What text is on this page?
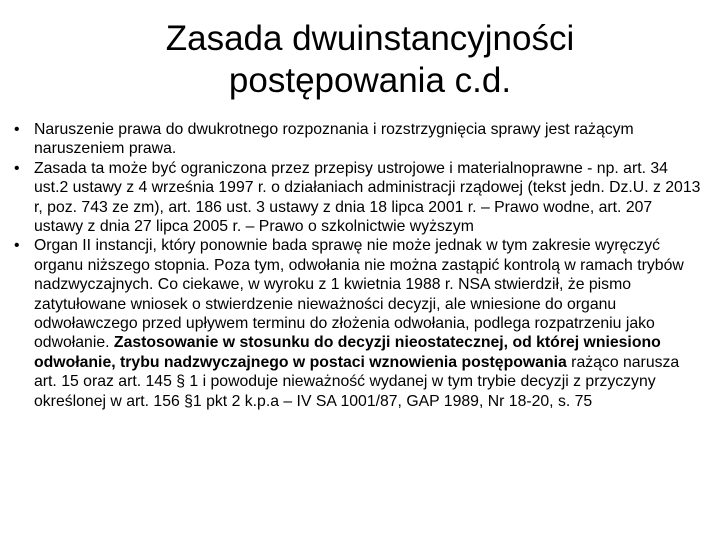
Zasada dwuinstancyjności
postępowania c.d.
• Naruszenie prawa do dwukrotnego rozpoznania i rozstrzygnięcia sprawy jest rażącym naruszeniem prawa.
• Zasada ta może być ograniczona przez przepisy ustrojowe i materialnoprawne - np. art. 34 ust.2 ustawy z 4 września 1997 r. o działaniach administracji rządowej (tekst jedn. Dz.U. z 2013 r, poz. 743 ze zm), art. 186 ust. 3 ustawy z dnia 18 lipca 2001 r. – Prawo wodne, art. 207 ustawy z dnia 27 lipca 2005 r. – Prawo o szkolnictwie wyższym
• Organ II instancji, który ponownie bada sprawę nie może jednak w tym zakresie wyręczyć organu niższego stopnia. Poza tym, odwołania nie można zastąpić kontrolą w ramach trybów nadzwyczajnych. Co ciekawe, w wyroku z 1 kwietnia 1988 r. NSA stwierdził, że pismo zatytułowane wniosek o stwierdzenie nieważności decyzji, ale wniesione do organu odwoławczego przed upływem terminu do złożenia odwołania, podlega rozpatrzeniu jako odwołanie. Zastosowanie w stosunku do decyzji nieostatecznej, od której wniesiono odwołanie, trybu nadzwyczajnego w postaci wznowienia postępowania rażąco narusza art. 15 oraz art. 145 § 1 i powoduje nieważność wydanej w tym trybie decyzji z przyczyny określonej w art. 156 §1 pkt 2 k.p.a – IV SA 1001/87, GAP 1989, Nr 18-20, s. 75
